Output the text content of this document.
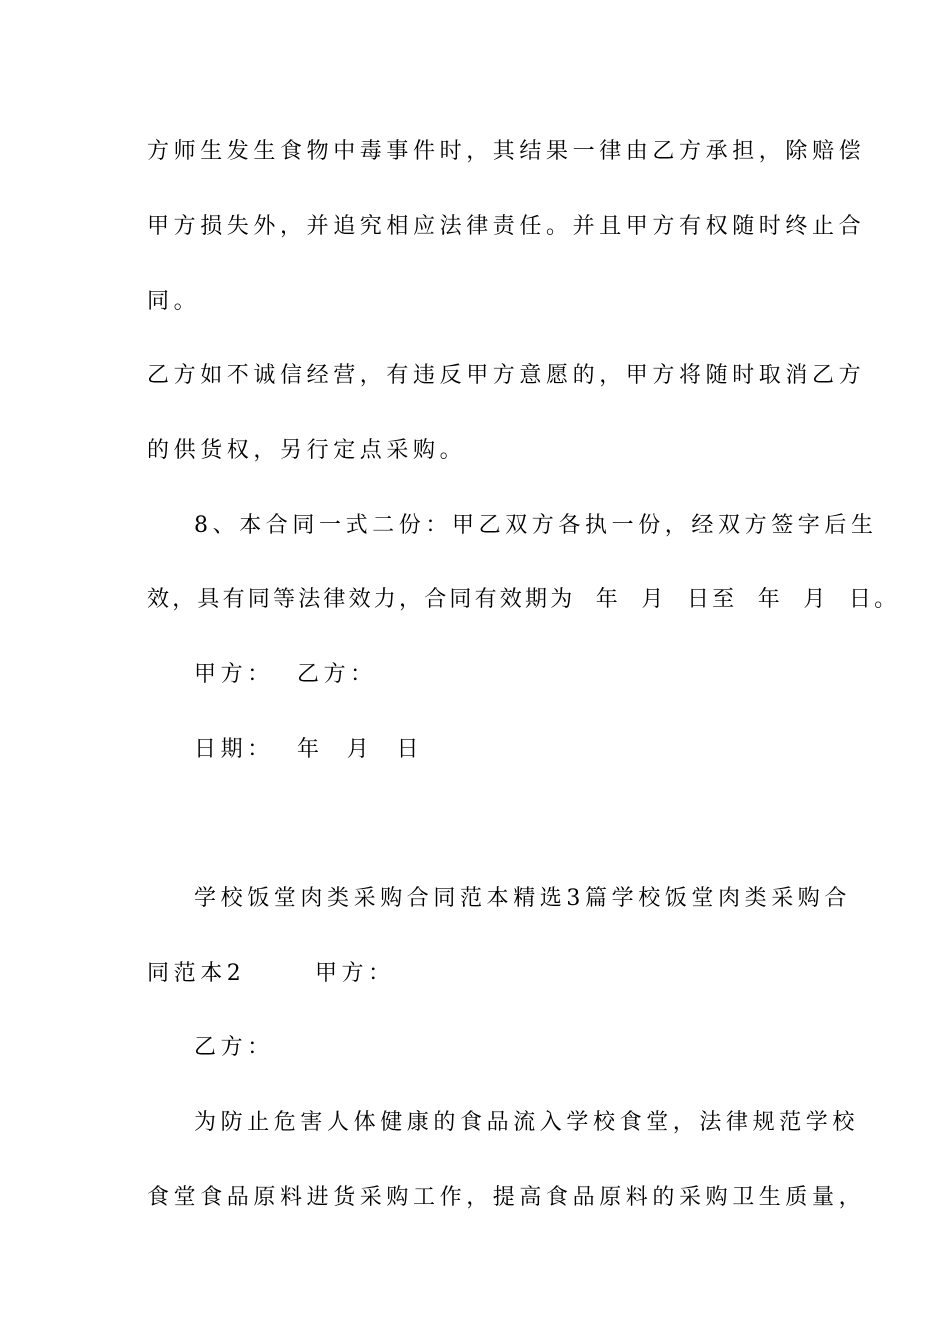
方师生发生食物中毒事件时，其结果一律由乙方承担，除赔偿
甲方损失外，并追究相应法律责任。并且甲方有权随时终止合
同。
乙方如不诚信经营，有违反甲方意愿的，甲方将随时取消乙方
的供货权，另行定点采购。
8、本合同一式二份：甲乙双方各执一份，经双方签字后生
效，具有同等法律效力，合同有效期为  年  月  日至  年  月  日。
甲方：  乙方：
日期：  年  月  日
学校饭堂肉类采购合同范本精选3篇学校饭堂肉类采购合
同范本2      甲方：
乙方：
为防止危害人体健康的食品流入学校食堂，法律规范学校
食堂食品原料进货采购工作，提高食品原料的采购卫生质量，
